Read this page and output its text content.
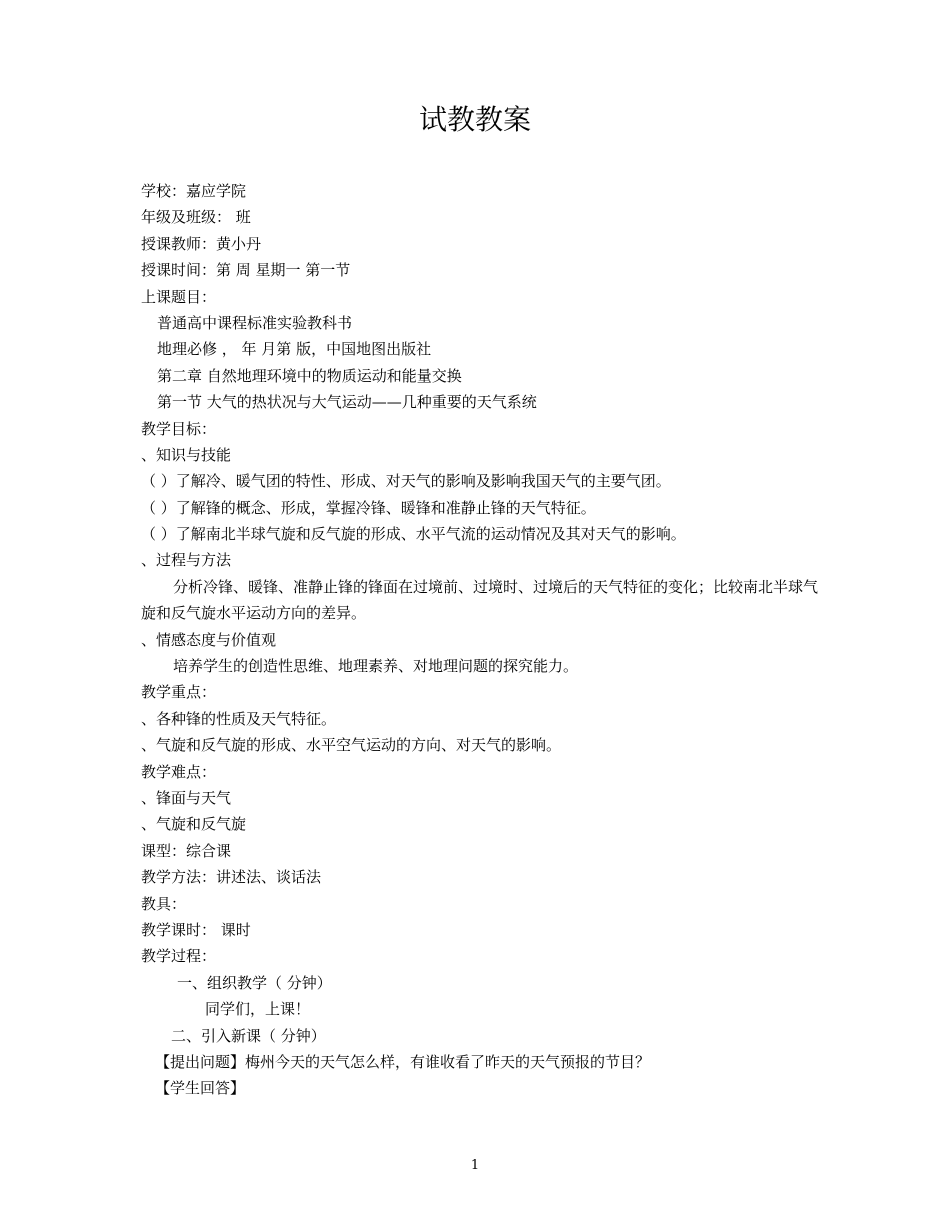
试教教案
学校：嘉应学院
年级及班级： 班
授课教师：黄小丹
授课时间：第 周 星期一 第一节
上课题目：
普通高中课程标准实验教科书
地理必修 ， 年 月第 版，中国地图出版社
第二章 自然地理环境中的物质运动和能量交换
第一节 大气的热状况与大气运动——几种重要的天气系统
教学目标：
、知识与技能
（ ）了解冷、暖气团的特性、形成、对天气的影响及影响我国天气的主要气团。
（ ）了解锋的概念、形成，掌握冷锋、暖锋和准静止锋的天气特征。
（ ）了解南北半球气旋和反气旋的形成、水平气流的运动情况及其对天气的影响。
、过程与方法
分析冷锋、暖锋、准静止锋的锋面在过境前、过境时、过境后的天气特征的变化；比较南北半球气旋和反气旋水平运动方向的差异。
、情感态度与价值观
培养学生的创造性思维、地理素养、对地理问题的探究能力。
教学重点：
、各种锋的性质及天气特征。
、气旋和反气旋的形成、水平空气运动的方向、对天气的影响。
教学难点：
、锋面与天气
、气旋和反气旋
课型：综合课
教学方法：讲述法、谈话法
教具：
教学课时： 课时
教学过程：
一、组织教学（ 分钟）
同学们，上课！
二、引入新课（ 分钟）
【提出问题】梅州今天的天气怎么样，有谁收看了昨天的天气预报的节目？
【学生回答】
1
